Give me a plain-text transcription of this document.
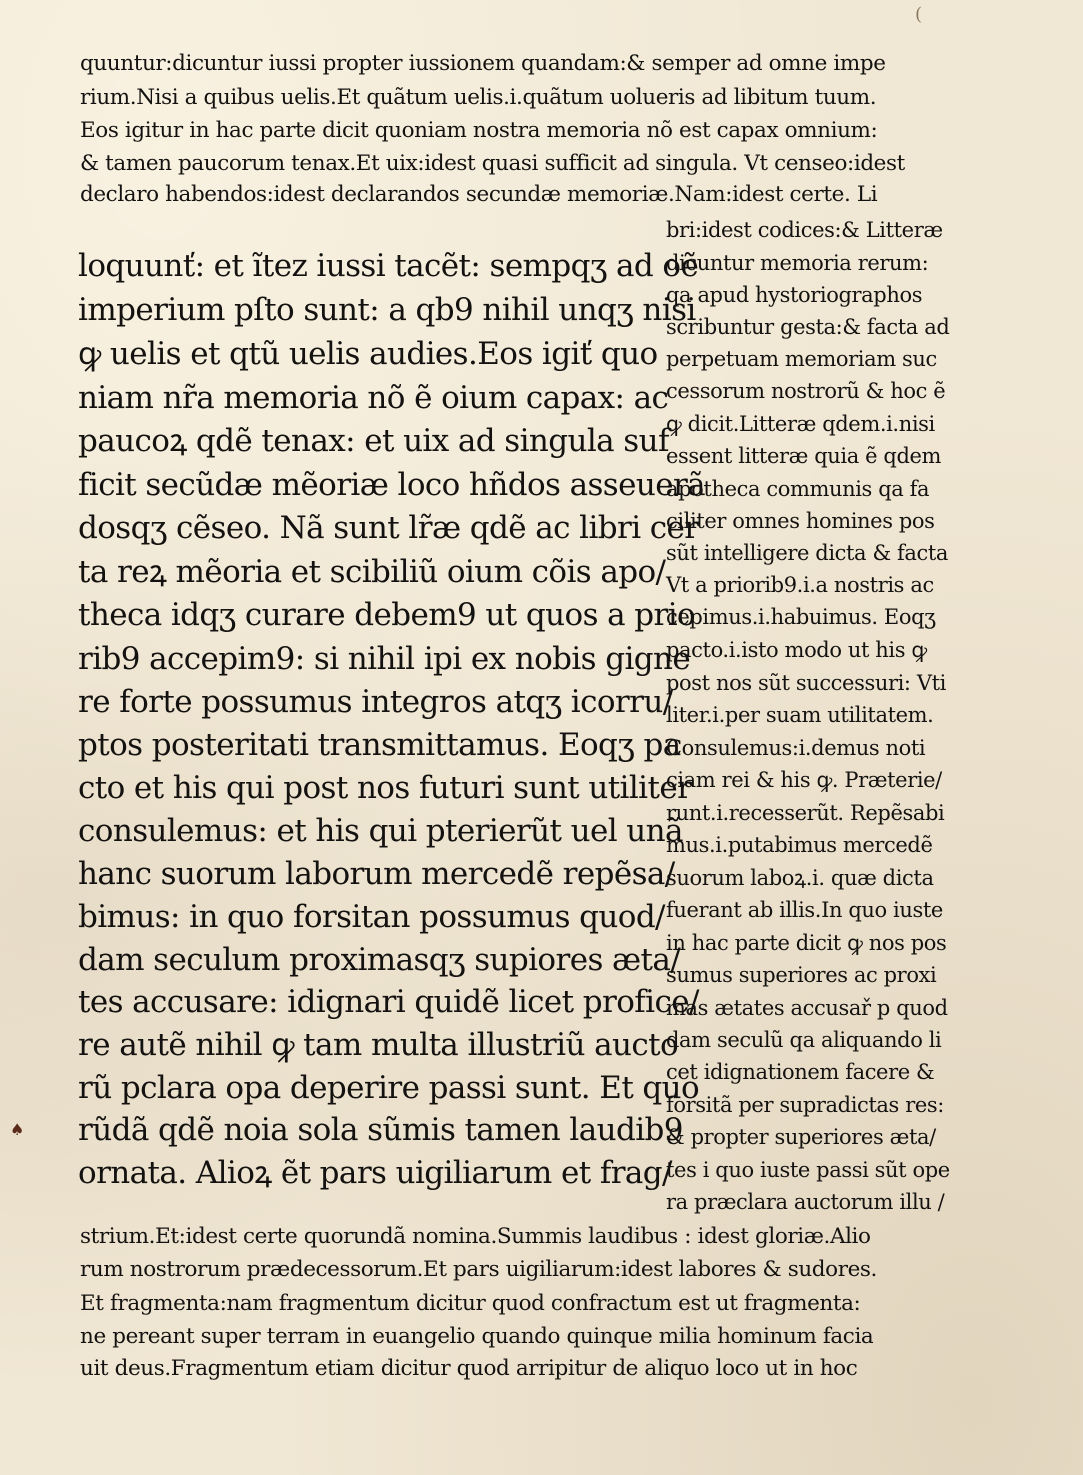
(
♠
quuntur:dicuntur iussi propter iussionem quandam:& semper ad omne impe
rium.Nisi a quibus uelis.Et quãtum uelis.i.quãtum uolueris ad libitum tuum.
Eos igitur in hac parte dicit quoniam nostra memoria nõ est capax omnium:
& tamen paucorum tenax.Et uix:idest quasi sufficit ad singula. Vt censeo:idest
declaro habendos:idest declarandos secundæ memoriæ.Nam:idest certe. Li
loquunť: et ĩtez iussi tacẽt: sempqʒ ad oẽ
imperium pſto sunt: a qb9 nihil unqʒ nisi
ꝙ uelis et qtũ uelis audies.Eos igiť quo
niam nr̃a memoria nõ ẽ oium capax: ac
paucoꝝ qdẽ tenax: et uix ad singula suf
ficit secũdæ mẽoriæ loco hñdos asseuerã
dosqʒ cẽseo. Nã sunt lr̃æ qdẽ ac libri cer
ta reꝝ mẽoria et scibiliũ oium cõis apo/
theca idqʒ curare debem9 ut quos a prio
rib9 accepim9: si nihil ipi ex nobis gigne
re forte possumus integros atqʒ icorru/
ptos posteritati transmittamus. Eoqʒ pa
cto et his qui post nos futuri sunt utiliter
consulemus: et his qui pterierũt uel unã
hanc suorum laborum mercedẽ repẽsa/
bimus: in quo forsitan possumus quod/
dam seculum proximasqʒ supiores æta/
tes accusare: idignari quidẽ licet profice/
re autẽ nihil ꝙ tam multa illustriũ aucto
rũ pclara opa deperire passi sunt. Et quo
rũdã qdẽ noia sola sũmis tamen laudib9
ornata. Alioꝝ ẽt pars uigiliarum et frag/
bri:idest codices:& Litteræ
dicuntur memoria rerum:
qa apud hystoriographos
scribuntur gesta:& facta ad
perpetuam memoriam suc
cessorum nostrorũ & hoc ẽ
ꝙ dicit.Litteræ qdem.i.nisi
essent litteræ quia ẽ qdem
apotheca communis qa fa
ciliter omnes homines pos
sũt intelligere dicta & facta
Vt a priorib9.i.a nostris ac
cepimus.i.habuimus. Eoqʒ
pacto.i.isto modo ut his ꝙ
post nos sũt successuri: Vti
liter.i.per suam utilitatem.
Consulemus:i.demus noti
ciam rei & his ꝙ. Præterie/
runt.i.recesserũt. Repẽsabi
mus.i.putabimus mercedẽ
suorum laboꝝ.i. quæ dicta
fuerant ab illis.In quo iuste
in hac parte dicit ꝙ nos pos
sumus superiores ac proxi
mas ætates accusař p quod
dam seculũ qa aliquando li
cet idignationem facere &
forsitã per supradictas res:
& propter superiores æta/
tes i quo iuste passi sũt ope
ra præclara auctorum illu /
strium.Et:idest certe quorundã nomina.Summis laudibus : idest gloriæ.Alio
rum nostrorum prædecessorum.Et pars uigiliarum:idest labores & sudores.
Et fragmenta:nam fragmentum dicitur quod confractum est ut fragmenta:
ne pereant super terram in euangelio quando quinque milia hominum facia
uit deus.Fragmentum etiam dicitur quod arripitur de aliquo loco ut in hoc
